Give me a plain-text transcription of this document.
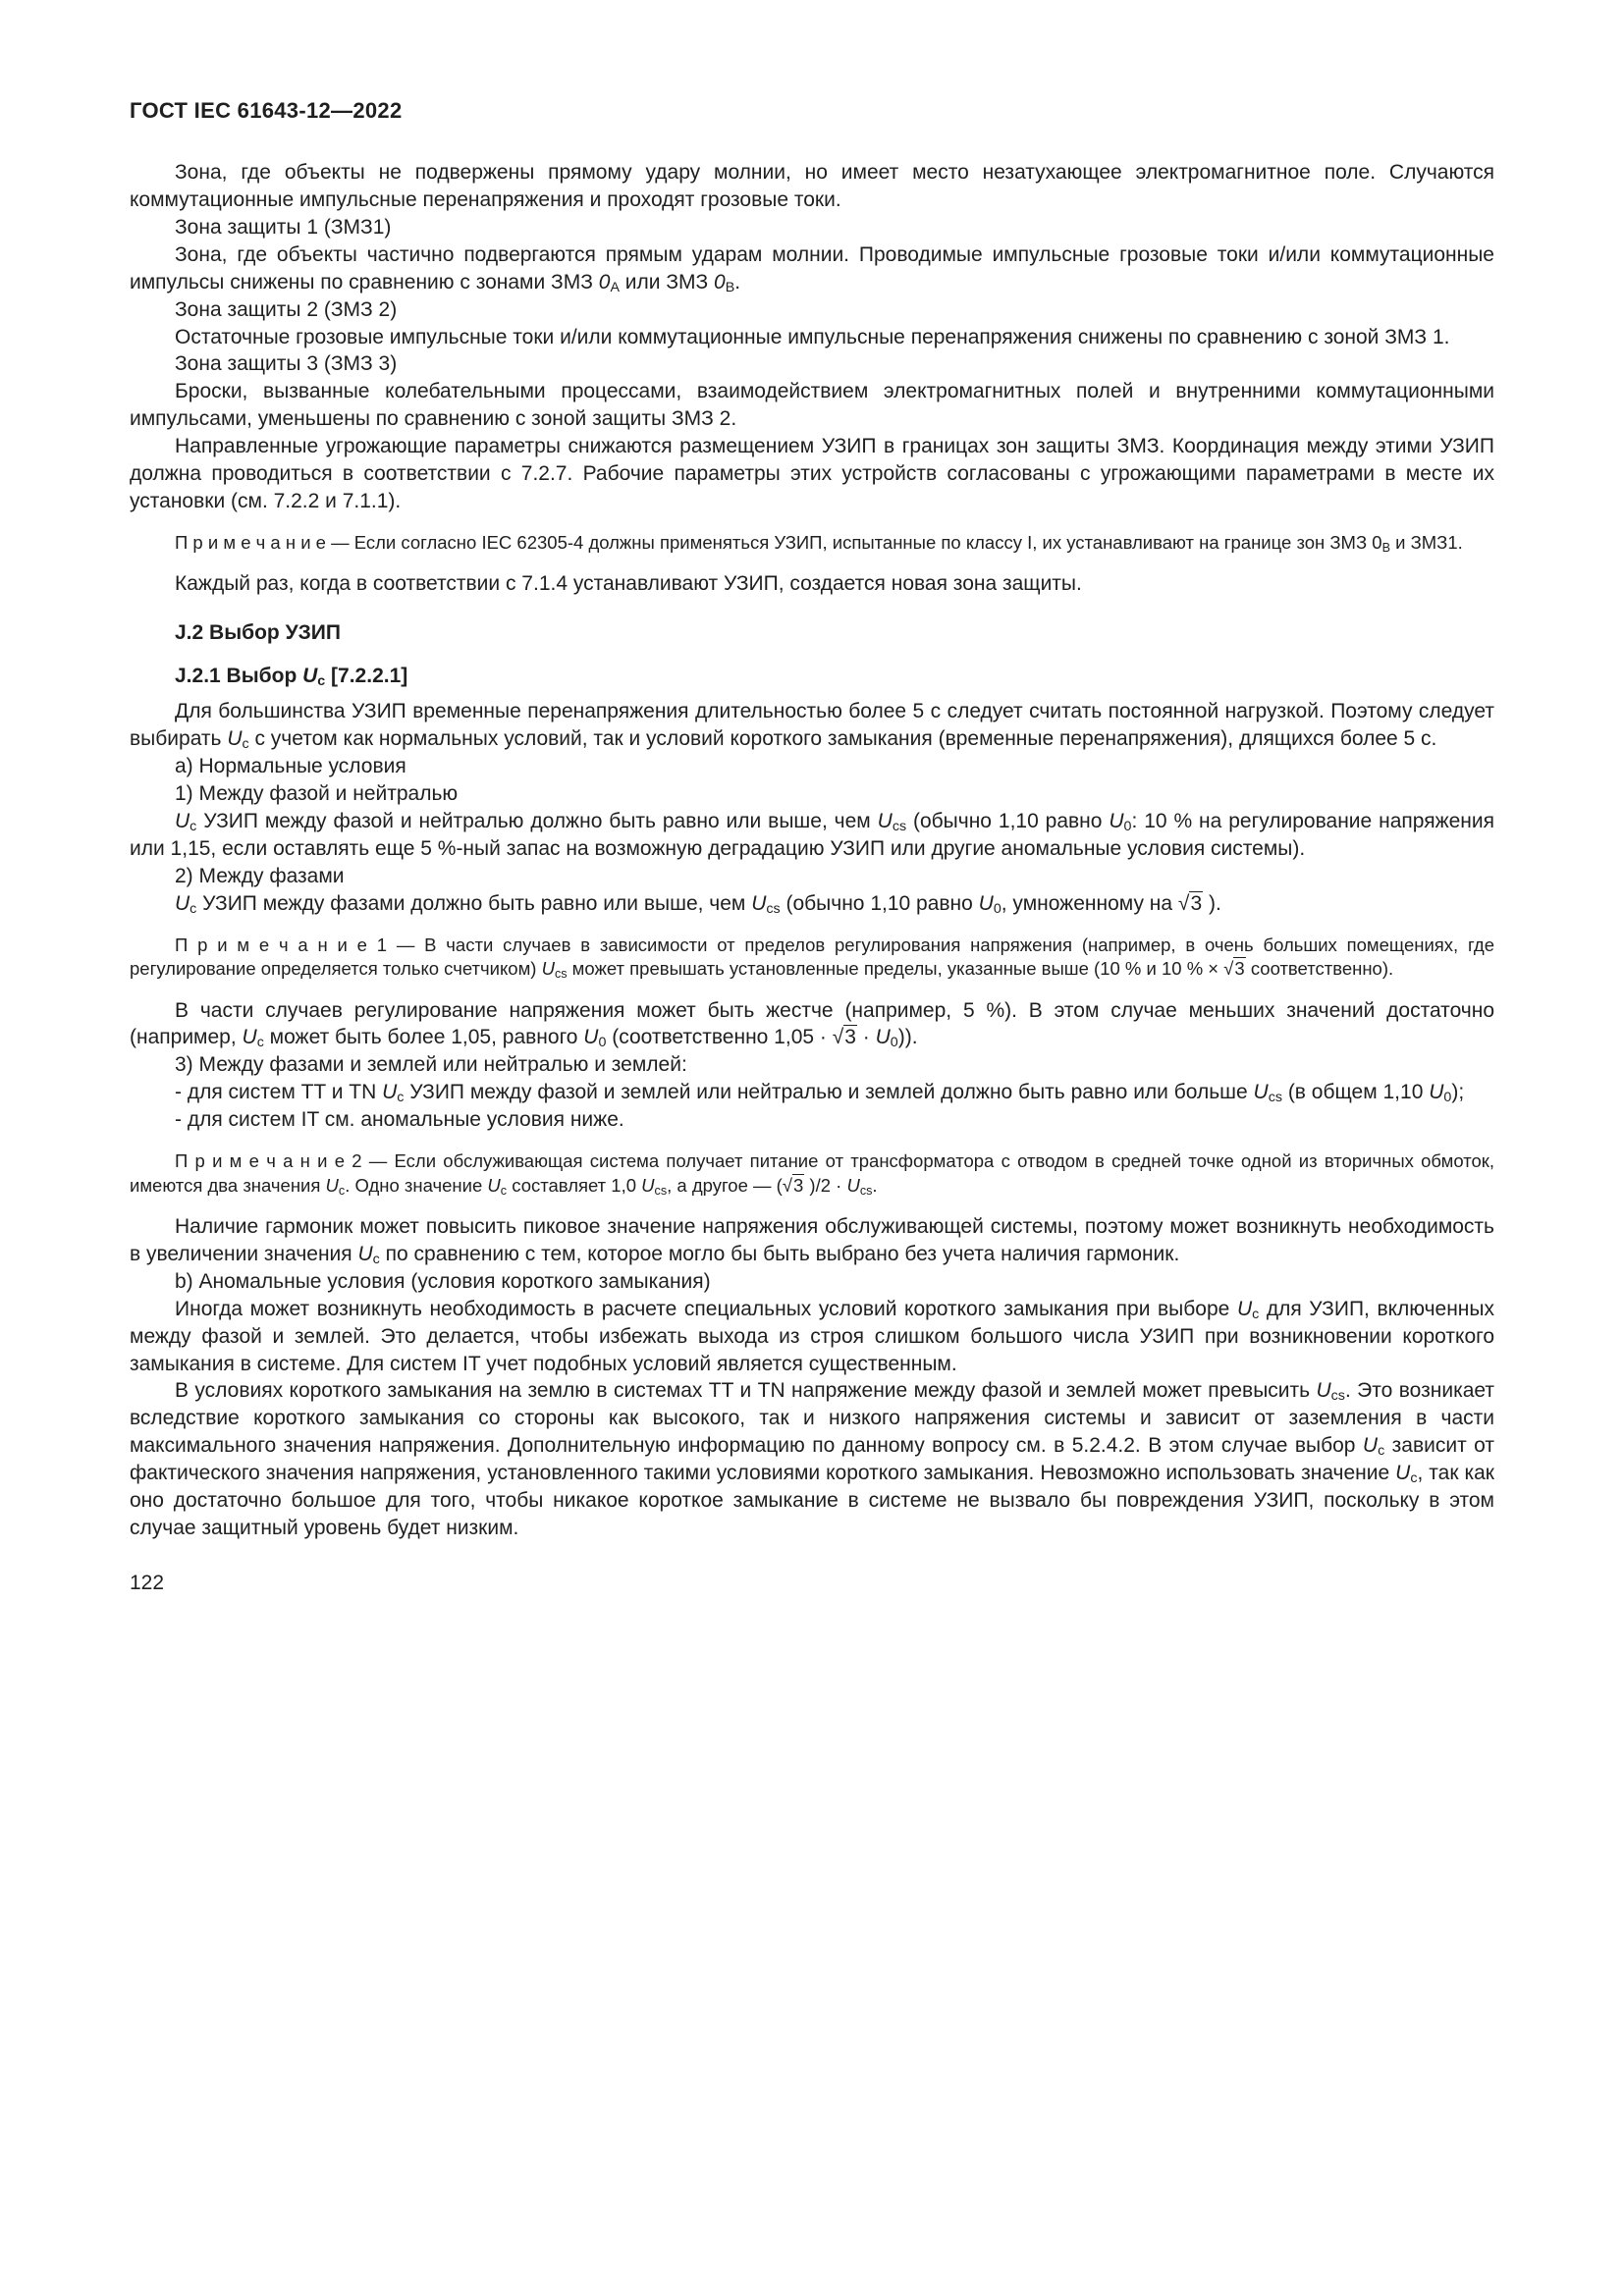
ГОСТ IEC 61643-12—2022

Зона, где объекты не подвержены прямому удару молнии, но имеет место незатухающее электромагнитное поле. Случаются коммутационные импульсные перенапряжения и проходят грозовые токи.

Зона защиты 1 (ЗМЗ1)

Зона, где объекты частично подвергаются прямым ударам молнии. Проводимые импульсные грозовые токи и/или коммутационные импульсы снижены по сравнению с зонами ЗМЗ $0_А$ или ЗМЗ $0_В$.

Зона защиты 2 (ЗМЗ 2)

Остаточные грозовые импульсные токи и/или коммутационные импульсные перенапряжения снижены по сравнению с зоной ЗМЗ 1.

Зона защиты 3 (ЗМЗ 3)

Броски, вызванные колебательными процессами, взаимодействием электромагнитных полей и внутренними коммутационными импульсами, уменьшены по сравнению с зоной защиты ЗМЗ 2.

Направленные угрожающие параметры снижаются размещением УЗИП в границах зон защиты ЗМЗ. Координация между этими УЗИП должна проводиться в соответствии с 7.2.7. Рабочие параметры этих устройств согласованы с угрожающими параметрами в месте их установки (см. 7.2.2 и 7.1.1).

П р и м е ч а н и е — Если согласно IEC 62305-4 должны применяться УЗИП, испытанные по классу I, их устанавливают на границе зон ЗМЗ $0_В$ и ЗМЗ1.

Каждый раз, когда в соответствии с 7.1.4 устанавливают УЗИП, создается новая зона защиты.

J.2 Выбор УЗИП

J.2.1 Выбор $U_c$ [7.2.2.1]

Для большинства УЗИП временные перенапряжения длительностью более 5 с следует считать постоянной нагрузкой. Поэтому следует выбирать $U_c$ с учетом как нормальных условий, так и условий короткого замыкания (временные перенапряжения), длящихся более 5 с.

а) Нормальные условия

1) Между фазой и нейтралью

$U_c$ УЗИП между фазой и нейтралью должно быть равно или выше, чем $U_{cs}$ (обычно 1,10 равно $U_0$: 10 % на регулирование напряжения или 1,15, если оставлять еще 5 %-ный запас на возможную деградацию УЗИП или другие аномальные условия системы).

2) Между фазами

$U_c$ УЗИП между фазами должно быть равно или выше, чем $U_{cs}$ (обычно 1,10 равно $U_0$, умноженному на √3 ).

П р и м е ч а н и е 1 — В части случаев в зависимости от пределов регулирования напряжения (например, в очень больших помещениях, где регулирование определяется только счетчиком) $U_{cs}$ может превышать установленные пределы, указанные выше (10 % и 10 % × √3 соответственно).

В части случаев регулирование напряжения может быть жестче (например, 5 %). В этом случае меньших значений достаточно (например, $U_c$ может быть более 1,05, равного $U_0$ (соответственно $1,05 \cdot √3 \cdot U_0$)).

3) Между фазами и землей или нейтралью и землей:

- для систем TT и TN $U_c$ УЗИП между фазой и землей или нейтралью и землей должно быть равно или больше $U_{cs}$ (в общем 1,10 $U_0$);

- для систем IT см. аномальные условия ниже.

П р и м е ч а н и е 2 — Если обслуживающая система получает питание от трансформатора с отводом в средней точке одной из вторичных обмоток, имеются два значения $U_c$. Одно значение $U_c$ составляет 1,0 $U_{cs}$, а другое — (√3 )$/2 \cdot U_{cs}$.

Наличие гармоник может повысить пиковое значение напряжения обслуживающей системы, поэтому может возникнуть необходимость в увеличении значения $U_c$ по сравнению с тем, которое могло бы быть выбрано без учета наличия гармоник.

b) Аномальные условия (условия короткого замыкания)

Иногда может возникнуть необходимость в расчете специальных условий короткого замыкания при выборе $U_c$ для УЗИП, включенных между фазой и землей. Это делается, чтобы избежать выхода из строя слишком большого числа УЗИП при возникновении короткого замыкания в системе. Для систем IT учет подобных условий является существенным.

В условиях короткого замыкания на землю в системах TT и TN напряжение между фазой и землей может превысить $U_{cs}$. Это возникает вследствие короткого замыкания со стороны как высокого, так и низкого напряжения системы и зависит от заземления в части максимального значения напряжения. Дополнительную информацию по данному вопросу см. в 5.2.4.2. В этом случае выбор $U_c$ зависит от фактического значения напряжения, установленного такими условиями короткого замыкания. Невозможно использовать значение $U_c$, так как оно достаточно большое для того, чтобы никакое короткое замыкание в системе не вызвало бы повреждения УЗИП, поскольку в этом случае защитный уровень будет низким.

122
